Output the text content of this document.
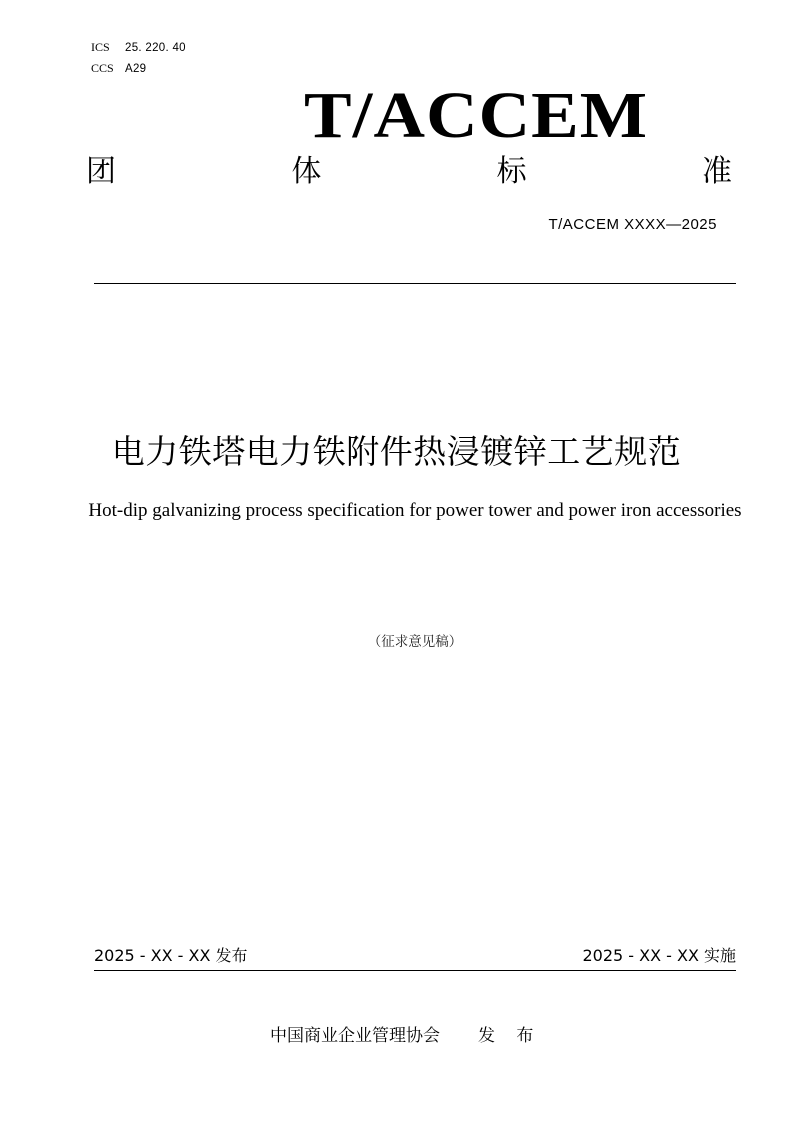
ICS 25. 220. 40
CCS A29
T/ACCEM
团	体	标	准
T/ACCEM XXXX—2025
电力铁塔电力铁附件热浸镀锌工艺规范
Hot-dip galvanizing process specification for power tower and power iron accessories
（征求意见稿）
2025 - XX - XX 发布	2025 - XX - XX 实施
中国商业企业管理协会 发 布
